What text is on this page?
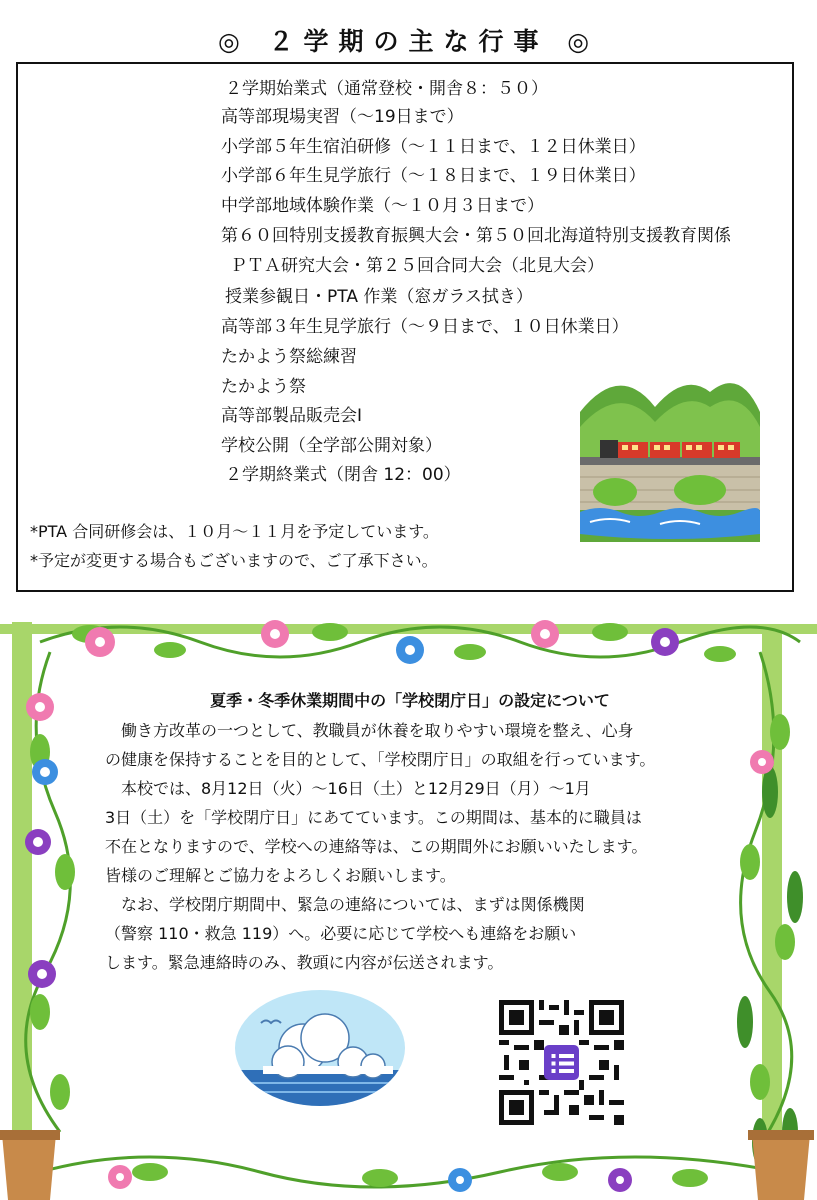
◎ ２学期の主な行事 ◎
２学期始業式（通常登校・開舎８：５０）
高等部現場実習（～19日まで）
小学部５年生宿泊研修（～１１日まで、１２日休業日）
小学部６年生見学旅行（～１８日まで、１９日休業日）
中学部地域体験作業（～１０月３日まで）
第６０回特別支援教育振興大会・第５０回北海道特別支援教育関係
ＰＴＡ研究大会・第２５回合同大会（北見大会）
授業参観日・PTA 作業（窓ガラス拭き）
高等部３年生見学旅行（～９日まで、１０日休業日）
たかよう祭総練習
たかよう祭
高等部製品販売会Ⅰ
学校公開（全学部公開対象）
２学期終業式（閉舎 12：00）
*PTA 合同研修会は、１０月～１１月を予定しています。
*予定が変更する場合もございますので、ご了承下さい。
夏季・冬季休業期間中の「学校閉庁日」の設定について

働き方改革の一つとして、教職員が休養を取りやすい環境を整え、心身

の健康を保持することを目的として、「学校閉庁日」の取組を行っています。

本校では、8月12日（火）～16日（土）と12月29日（月）～1月

3日（土）を「学校閉庁日」にあてています。この期間は、基本的に職員は

不在となりますので、学校への連絡等は、この期間外にお願いいたします。

皆様のご理解とご協力をよろしくお願いします。

なお、学校閉庁期間中、緊急の連絡については、まずは関係機関

（警察 110・救急 119）へ。必要に応じて学校へも連絡をお願い

します。緊急連絡時のみ、教頭に内容が伝送されます。
